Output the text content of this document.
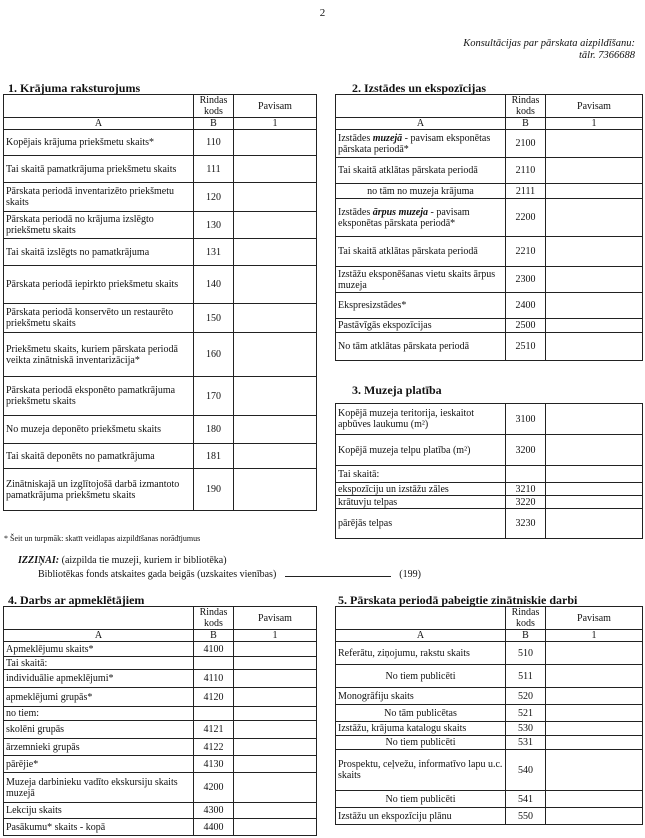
2
Konsultācijas par pārskata aizpildīšanu:
tālr. 7366688
1. Krājuma raksturojums
	Rindas kods	Pavisam
A	B	1
Kopējais krājuma priekšmetu skaits*	110	
Tai skaitā pamatkrājuma priekšmetu skaits	111	
Pārskata periodā inventarizēto priekšmetu skaits	120	
Pārskata periodā no krājuma izslēgto priekšmetu skaits	130	
Tai skaitā izslēgts no pamatkrājuma	131	
Pārskata periodā iepirkto priekšmetu skaits	140	
Pārskata periodā konservēto un restaurēto priekšmetu skaits	150	
Priekšmetu skaits, kuriem pārskata periodā veikta zinātniskā inventarizācija*	160	
Pārskata periodā eksponēto pamatkrājuma priekšmetu skaits	170	
No muzeja deponēto priekšmetu skaits	180	
Tai skaitā deponēts no pamatkrājuma	181	
Zinātniskajā un izglītojošā darbā izmantoto pamatkrājuma priekšmetu skaits	190	
* Šeit un turpmāk: skatīt veidlapas aizpildīšanas norādījumus
2. Izstādes un ekspozīcijas
	Rindas kods	Pavisam
A	B	1
Izstādes muzejā - pavisam eksponētas pārskata periodā*	2100	
Tai skaitā atklātas pārskata periodā	2110	
no tām no muzeja krājuma	2111	
Izstādes ārpus muzeja - pavisam eksponētas pārskata periodā*	2200	
Tai skaitā atklātas pārskata periodā	2210	
Izstāžu eksponēšanas vietu skaits ārpus muzeja	2300	
Ekspresizstādes*	2400	
Pastāvīgās ekspozīcijas	2500	
No tām atklātas pārskata periodā	2510	
3. Muzeja platība
Kopējā muzeja teritorija, ieskaitot apbūves laukumu (m²)	3100	
Kopējā muzeja telpu platība (m²)	3200	
Tai skaitā:		
ekspozīciju un izstāžu zāles	3210	
krātuvju telpas	3220	
pārējās telpas	3230	
IZZIŅAI: (aizpilda tie muzeji, kuriem ir bibliotēka)
Bibliotēkas fonds atskaites gada beigās (uzskaites vienības)	(199)
4. Darbs ar apmeklētājiem
	Rindas kods	Pavisam
A	B	1
Apmeklējumu skaits*	4100	
Tai skaitā:		
individuālie apmeklējumi*	4110	
apmeklējumi grupās*	4120	
no tiem:		
skolēni grupās	4121	
ārzemnieki grupās	4122	
pārējie*	4130	
Muzeja darbinieku vadīto ekskursiju skaits muzejā	4200	
Lekciju skaits	4300	
Pasākumu* skaits - kopā	4400	
5. Pārskata periodā pabeigtie zinātniskie darbi
	Rindas kods	Pavisam
A	B	1
Referātu, ziņojumu, rakstu skaits	510	
No tiem publicēti	511	
Monogrāfiju skaits	520	
No tām publicētas	521	
Izstāžu, krājuma katalogu skaits	530	
No tiem publicēti	531	
Prospektu, ceļvežu, informatīvo lapu u.c. skaits	540	
No tiem publicēti	541	
Izstāžu un ekspozīciju plānu	550	
